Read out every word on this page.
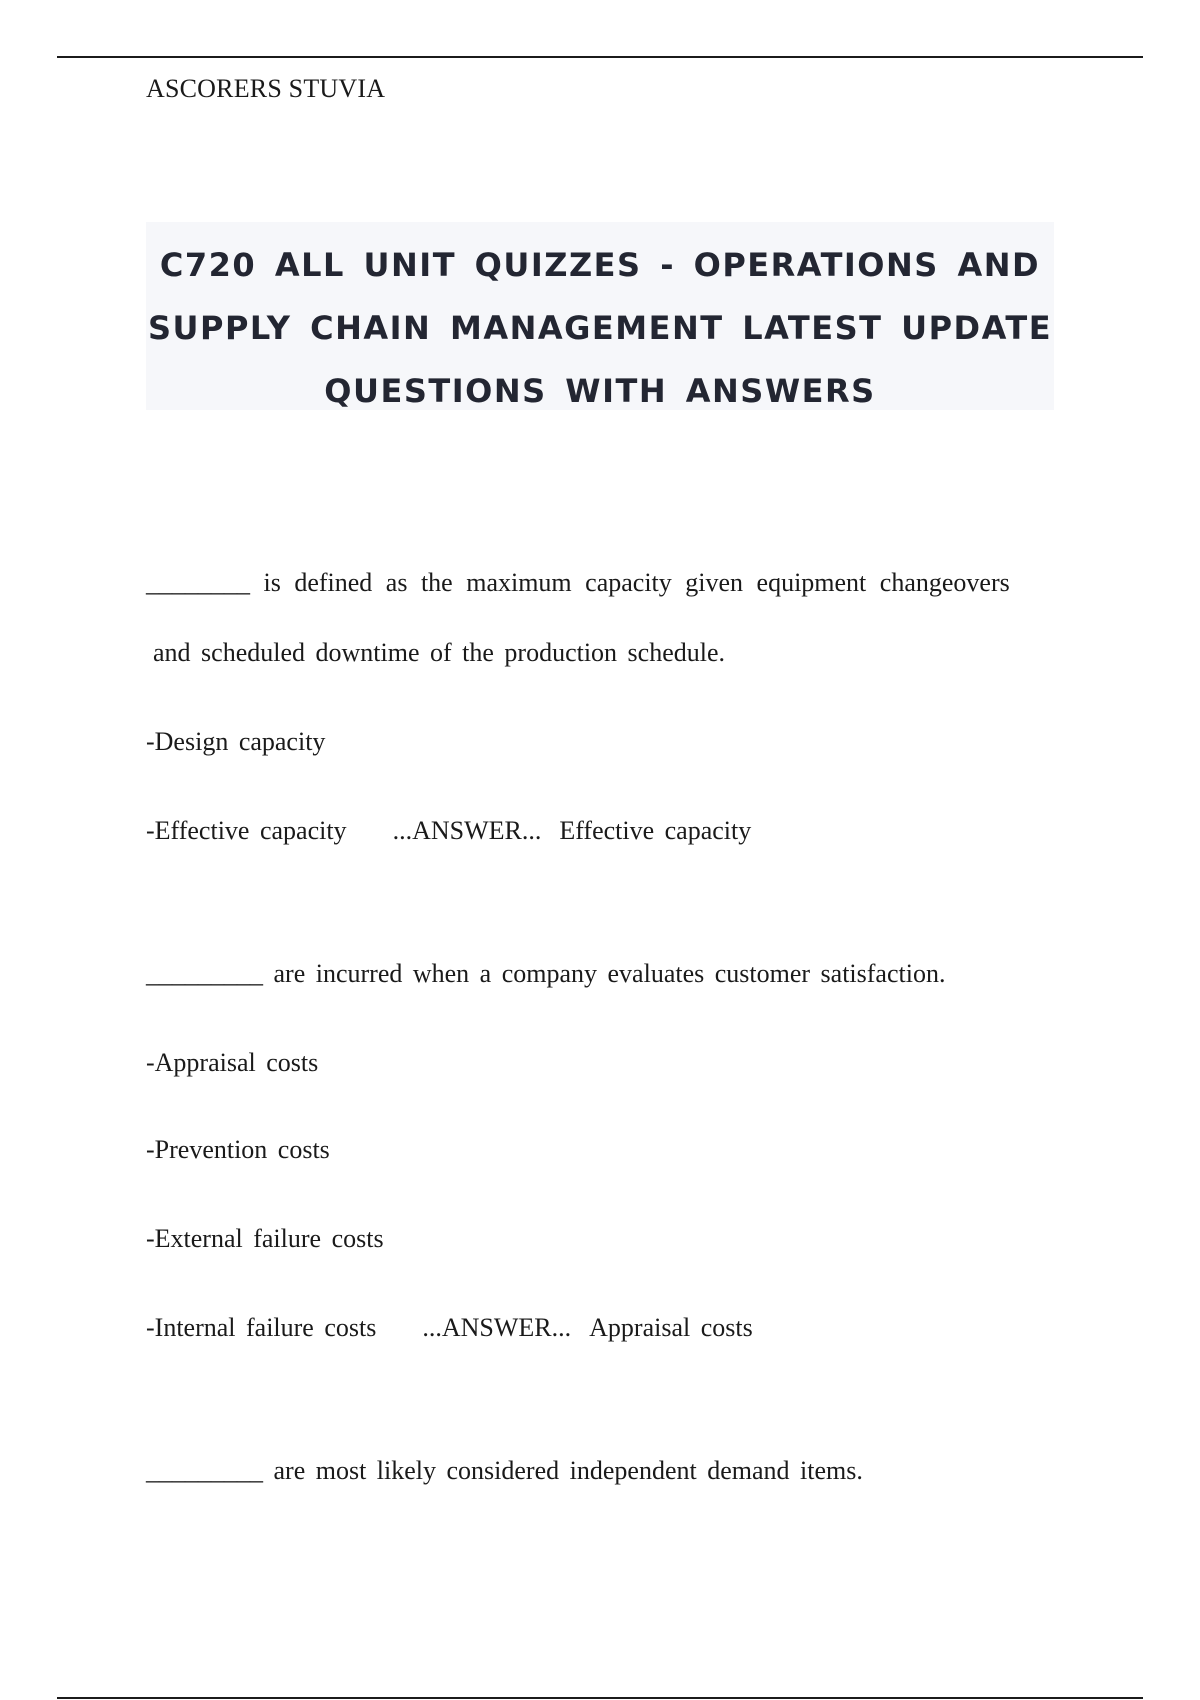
ASCORERS STUVIA
C720 ALL UNIT QUIZZES - OPERATIONS AND
SUPPLY CHAIN MANAGEMENT LATEST UPDATE
QUESTIONS WITH ANSWERS
________ is defined as the maximum capacity given equipment changeovers
and scheduled downtime of the production schedule.
-Design capacity
-Effective capacity ...ANSWER... Effective capacity
_________ are incurred when a company evaluates customer satisfaction.
-Appraisal costs
-Prevention costs
-External failure costs
-Internal failure costs ...ANSWER... Appraisal costs
_________ are most likely considered independent demand items.
